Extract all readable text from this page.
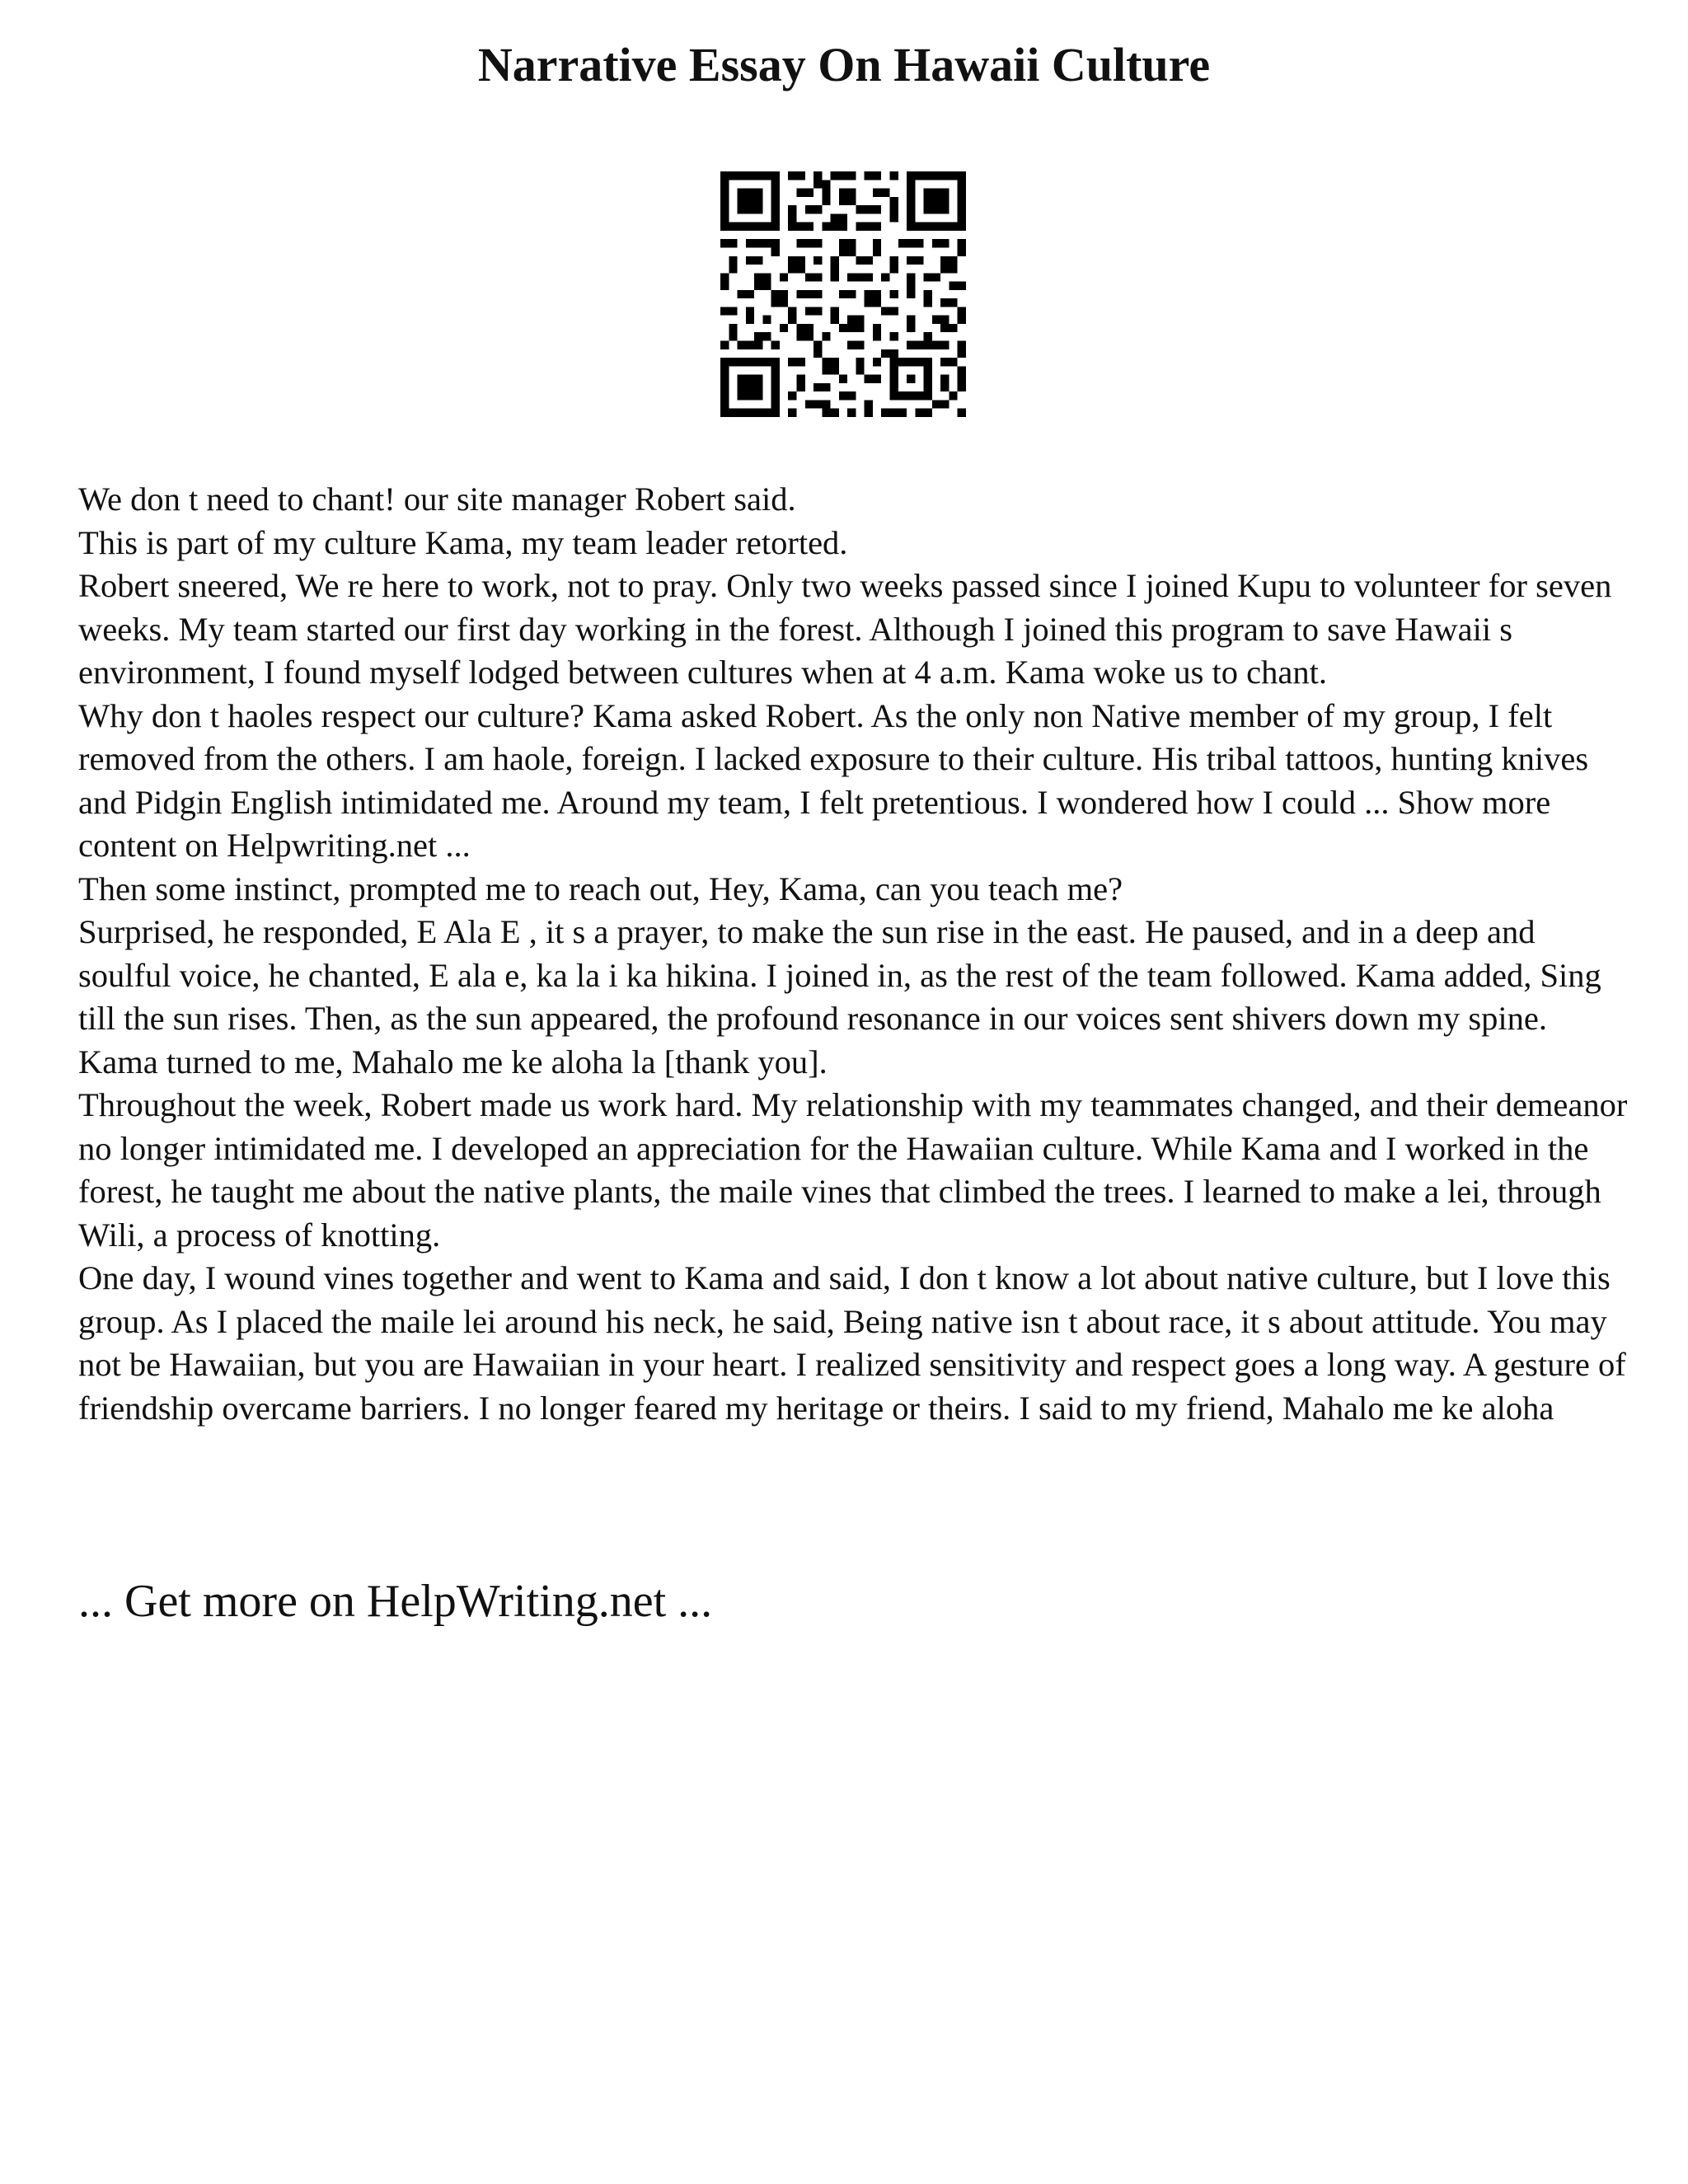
Narrative Essay On Hawaii Culture

We don t need to chant! our site manager Robert said.

This is part of my culture Kama, my team leader retorted.

Robert sneered, We re here to work, not to pray. Only two weeks passed since I joined Kupu to volunteer for seven weeks. My team started our first day working in the forest. Although I joined this program to save Hawaii s environment, I found myself lodged between cultures when at 4 a.m. Kama woke us to chant.

Why don t haoles respect our culture? Kama asked Robert. As the only non Native member of my group, I felt removed from the others. I am haole, foreign. I lacked exposure to their culture. His tribal tattoos, hunting knives and Pidgin English intimidated me. Around my team, I felt pretentious. I wondered how I could ... Show more content on Helpwriting.net ...

Then some instinct, prompted me to reach out, Hey, Kama, can you teach me?

Surprised, he responded, E Ala E , it s a prayer, to make the sun rise in the east. He paused, and in a deep and soulful voice, he chanted, E ala e, ka la i ka hikina. I joined in, as the rest of the team followed. Kama added, Sing till the sun rises. Then, as the sun appeared, the profound resonance in our voices sent shivers down my spine. Kama turned to me, Mahalo me ke aloha la [thank you].

Throughout the week, Robert made us work hard. My relationship with my teammates changed, and their demeanor no longer intimidated me. I developed an appreciation for the Hawaiian culture. While Kama and I worked in the forest, he taught me about the native plants, the maile vines that climbed the trees. I learned to make a lei, through Wili, a process of knotting.

One day, I wound vines together and went to Kama and said, I don t know a lot about native culture, but I love this group. As I placed the maile lei around his neck, he said, Being native isn t about race, it s about attitude. You may not be Hawaiian, but you are Hawaiian in your heart. I realized sensitivity and respect goes a long way. A gesture of friendship overcame barriers. I no longer feared my heritage or theirs. I said to my friend, Mahalo me ke aloha

... Get more on HelpWriting.net ...
